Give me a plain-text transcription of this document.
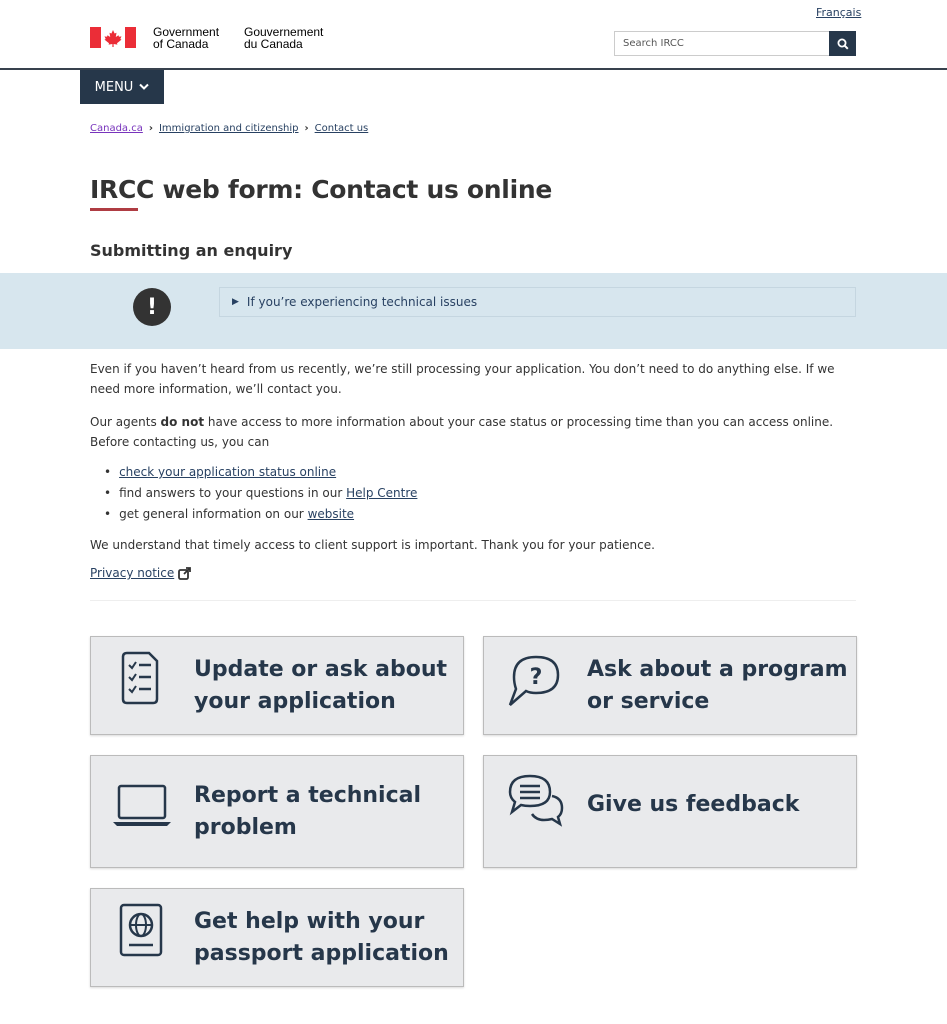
Français
Government
of Canada
Gouvernement
du Canada
Search IRCC
MENU
Canada.ca › Immigration and citizenship › Contact us
IRCC web form: Contact us online
Submitting an enquiry
!	▶ If you’re experiencing technical issues

Even if you haven’t heard from us recently, we’re still processing your application. You don’t need to do anything else. If we need more information, we’ll contact you.

Our agents do not have access to more information about your case status or processing time than you can access online. Before contacting us, you can

• check your application status online
• find answers to your questions in our Help Centre
• get general information on our website

We understand that timely access to client support is important. Thank you for your patience.

Privacy notice
Update or ask about
your application
? Ask about a program
or service
Report a technical
problem
Give us feedback
Get help with your
passport application
